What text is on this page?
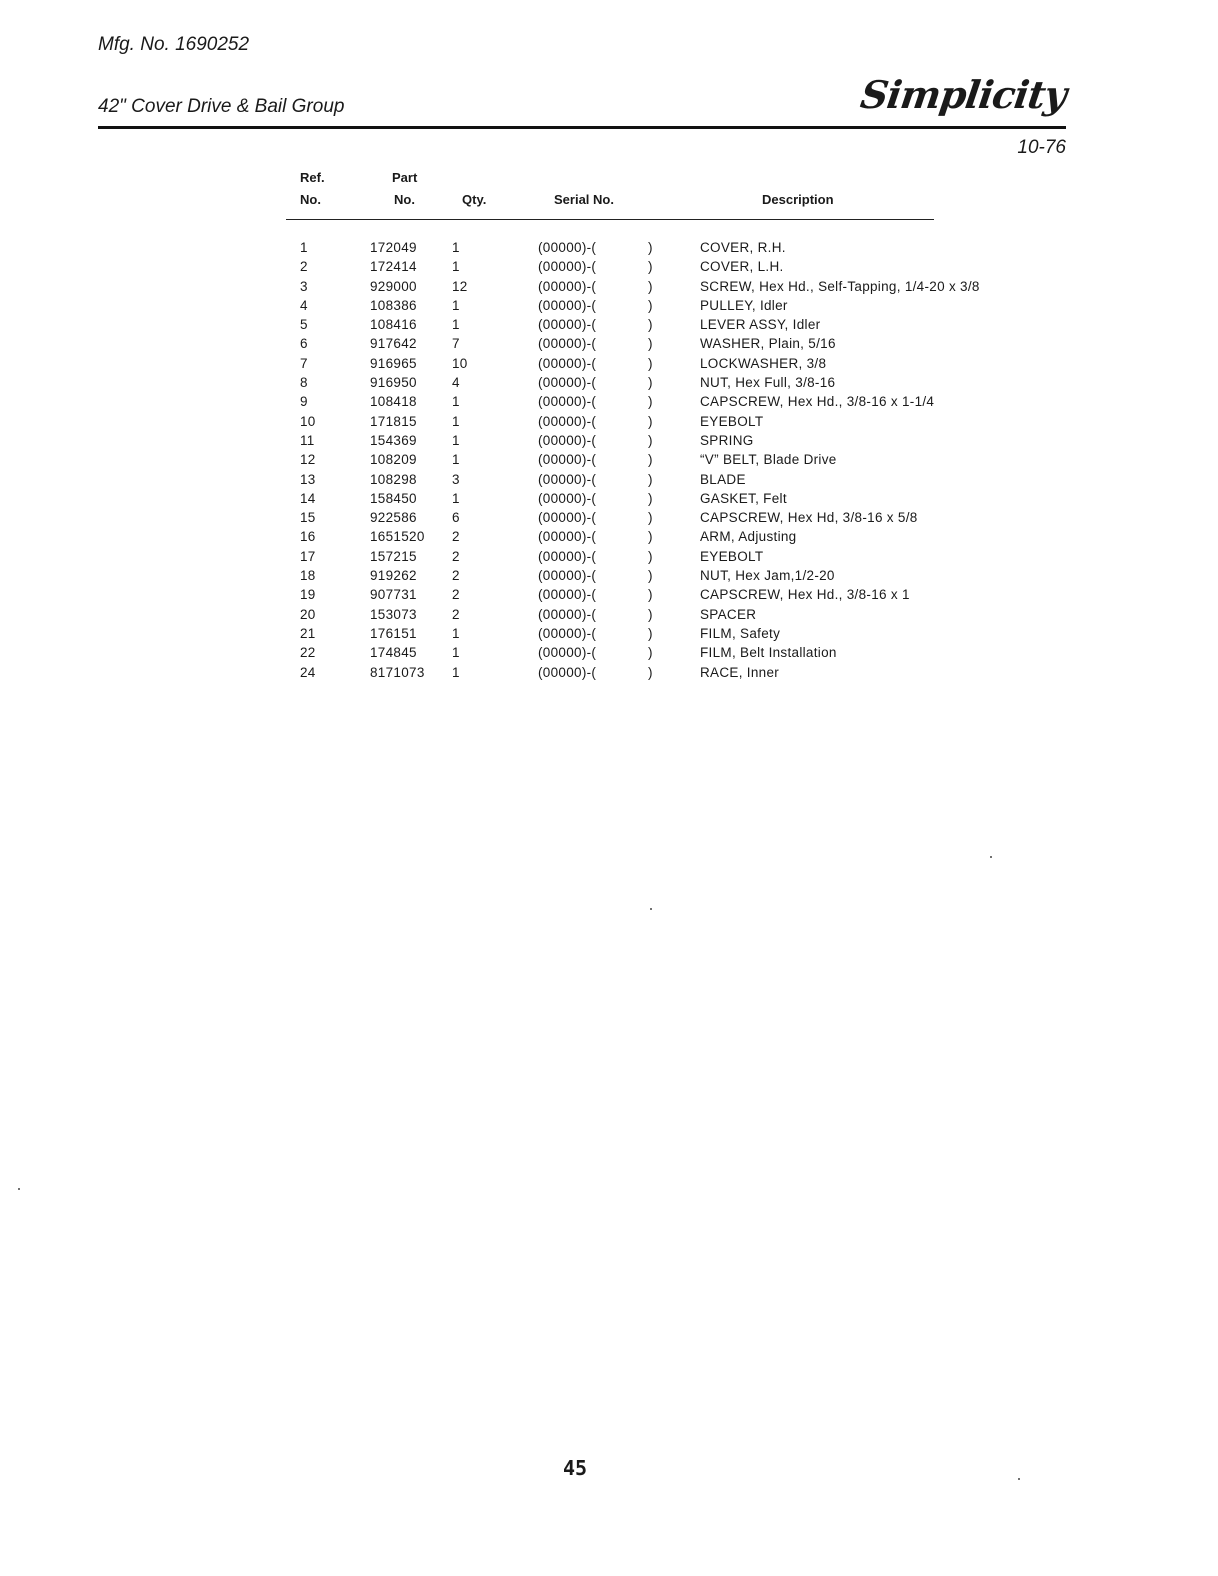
Mfg. No. 1690252
42" Cover Drive & Bail Group	Simplicity
10-76
Ref.
No.
Part
No.	Qty.	Serial No.	Description
1	172049	1	(00000)-(	)	COVER, R.H.
2	172414	1	(00000)-(	)	COVER, L.H.
3	929000	12	(00000)-(	)	SCREW, Hex Hd., Self-Tapping, 1/4-20 x 3/8
4	108386	1	(00000)-(	)	PULLEY, Idler
5	108416	1	(00000)-(	)	LEVER ASSY, Idler
6	917642	7	(00000)-(	)	WASHER, Plain, 5/16
7	916965	10	(00000)-(	)	LOCKWASHER, 3/8
8	916950	4	(00000)-(	)	NUT, Hex Full, 3/8-16
9	108418	1	(00000)-(	)	CAPSCREW, Hex Hd., 3/8-16 x 1-1/4
10	171815	1	(00000)-(	)	EYEBOLT
11	154369	1	(00000)-(	)	SPRING
12	108209	1	(00000)-(	)	“V” BELT, Blade Drive
13	108298	3	(00000)-(	)	BLADE
14	158450	1	(00000)-(	)	GASKET, Felt
15	922586	6	(00000)-(	)	CAPSCREW, Hex Hd, 3/8-16 x 5/8
16	1651520	2	(00000)-(	)	ARM, Adjusting
17	157215	2	(00000)-(	)	EYEBOLT
18	919262	2	(00000)-(	)	NUT, Hex Jam,1/2-20
19	907731	2	(00000)-(	)	CAPSCREW, Hex Hd., 3/8-16 x 1
20	153073	2	(00000)-(	)	SPACER
21	176151	1	(00000)-(	)	FILM, Safety
22	174845	1	(00000)-(	)	FILM, Belt Installation
24	8171073	1	(00000)-(	)	RACE, Inner
45
